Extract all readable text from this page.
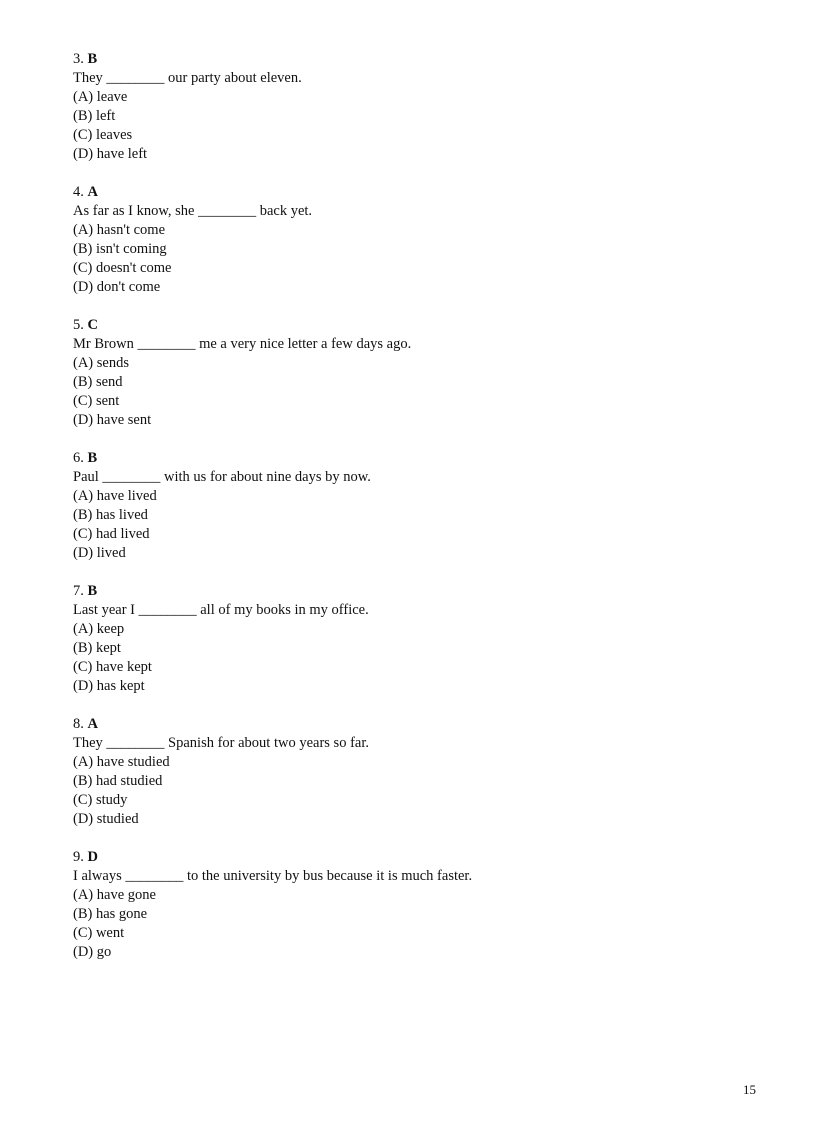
3. B
They ________ our party about eleven.
(A) leave
(B) left
(C) leaves
(D) have left
4. A
As far as I know, she ________ back yet.
(A) hasn't come
(B) isn't coming
(C) doesn't come
(D) don't come
5. C
Mr Brown ________ me a very nice letter a few days ago.
(A) sends
(B) send
(C) sent
(D) have sent
6. B
Paul ________ with us for about nine days by now.
(A) have lived
(B) has lived
(C) had lived
(D) lived
7. B
Last year I ________ all of my books in my office.
(A) keep
(B) kept
(C) have kept
(D) has kept
8. A
They ________ Spanish for about two years so far.
(A) have studied
(B) had studied
(C) study
(D) studied
9. D
I always ________ to the university by bus because it is much faster.
(A) have gone
(B) has gone
(C) went
(D) go
15
